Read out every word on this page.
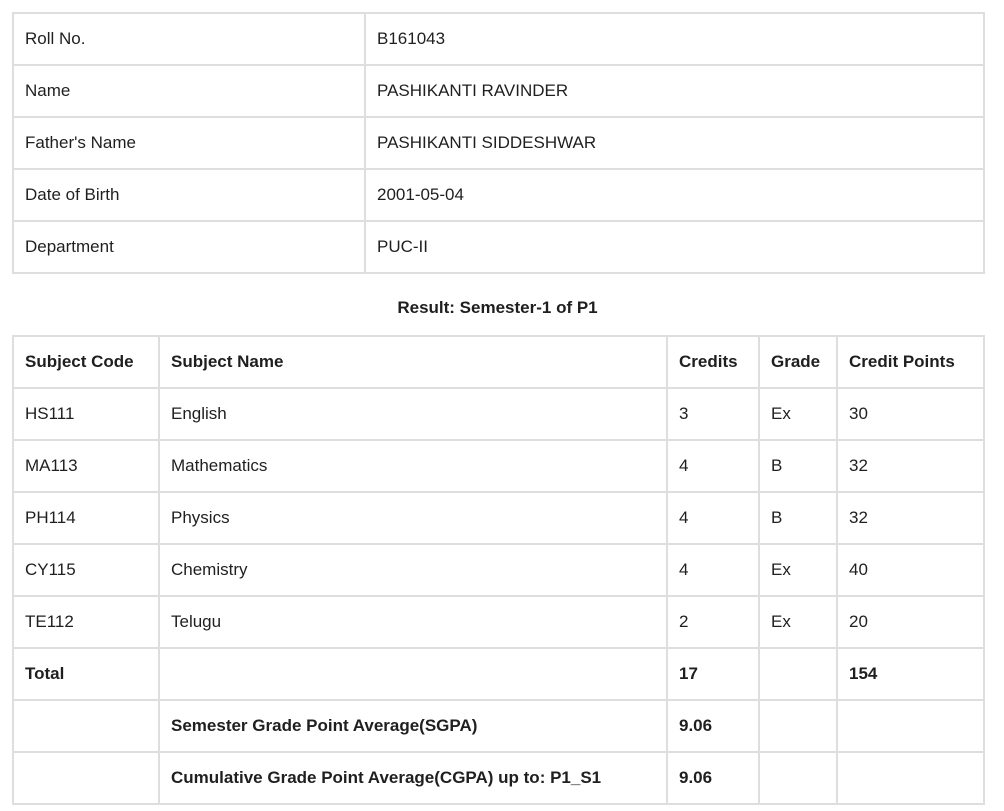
Roll No.	B161043
Name	PASHIKANTI RAVINDER
Father's Name	PASHIKANTI SIDDESHWAR
Date of Birth	2001-05-04
Department	PUC-II
Result: Semester-1 of P1
Subject Code	Subject Name	Credits	Grade	Credit Points
HS111	English	3	Ex	30
MA113	Mathematics	4	B	32
PH114	Physics	4	B	32
CY115	Chemistry	4	Ex	40
TE112	Telugu	2	Ex	20
Total		17		154
	Semester Grade Point Average(SGPA)	9.06		
	Cumulative Grade Point Average(CGPA) up to: P1_S1	9.06		
